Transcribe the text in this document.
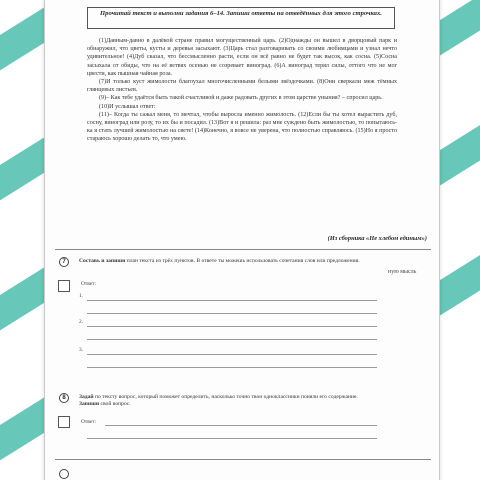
Прочитай текст и выполни задания 6–14. Запиши ответы на отведённых для этого строчках.

(1)Давным-давно в далёкой стране правил могущественный царь. (2)Однажды он вышел в дворцовый парк и обнаружил, что цветы, кусты и деревья засыхают. (3)Царь стал разговаривать со своими любимцами и узнал нечто удивительное! (4)Дуб сказал, что бессмысленно расти, если он всё равно не будет так высок, как сосна. (5)Сосна засыхала от обиды, что на её ветвях осенью не созревает виноград. (6)А виноград терял силы, оттого что не мог цвести, как пышная чайная роза.

(7)И только куст жимолости благоухал многочисленными белыми звёздочками. (8)Они сверкали меж тёмных глянцевых листьев.

(9)– Как тебе удаётся быть такой счастливой и даже радовать других в этом царстве уныния? – спросил царь.

(10)И услышал ответ:

(11)– Когда ты сажал меня, то мечтал, чтобы выросла именно жимолость. (12)Если бы ты хотел вырастить дуб, сосну, виноград или розу, то их бы и посадил. (13)Вот я и решила: раз мне суждено быть жимолостью, то попытаюсь-ка я стать лучшей жимолостью на свете! (14)Конечно, я вовсе не уверена, что полностью справляюсь. (15)Но я просто стараюсь хорошо делать то, что умею.

(Из сборника «Не хлебом единым»)
7	Составь и запиши план текста из трёх пунктов. В ответе ты можешь использовать сочетания слов или предложения.
ную мысль
Ответ:
1.
2.
3.
8	Задай по тексту вопрос, который поможет определить, насколько точно твои одноклассники поняли его содержание. Запиши свой вопрос.
Ответ:
